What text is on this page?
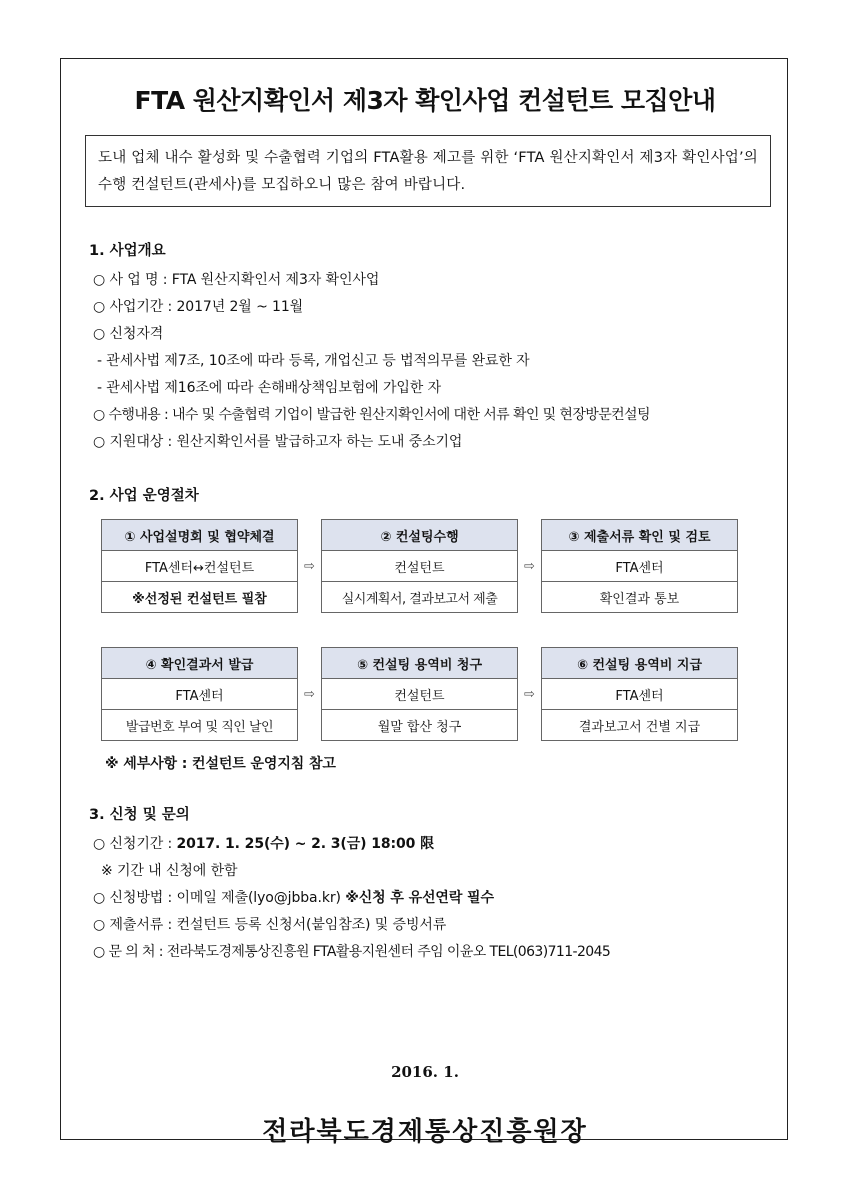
FTA 원산지확인서 제3자 확인사업 컨설턴트 모집안내
도내 업체 내수 활성화 및 수출협력 기업의 FTA활용 제고를 위한 ‘FTA 원산지확인서 제3자 확인사업’의 수행 컨설턴트(관세사)를 모집하오니 많은 참여 바랍니다.
1. 사업개요
○ 사 업 명 : FTA 원산지확인서 제3자 확인사업
○ 사업기간 : 2017년 2월 ~ 11월
○ 신청자격
- 관세사법 제7조, 10조에 따라 등록, 개업신고 등 법적의무를 완료한 자
- 관세사법 제16조에 따라 손해배상책임보험에 가입한 자
○ 수행내용 : 내수 및 수출협력 기업이 발급한 원산지확인서에 대한 서류 확인 및 현장방문컨설팅
○ 지원대상 : 원산지확인서를 발급하고자 하는 도내 중소기업
2. 사업 운영절차
① 사업설명회 및 협약체결		② 컨설팅수행		③ 제출서류 확인 및 검토
FTA센터↔컨설턴트	⇨	컨설턴트	⇨	FTA센터
※선정된 컨설턴트 필참		실시계획서, 결과보고서 제출		확인결과 통보
④ 확인결과서 발급		⑤ 컨설팅 용역비 청구		⑥ 컨설팅 용역비 지급
FTA센터	⇨	컨설턴트	⇨	FTA센터
발급번호 부여 및 직인 날인		월말 합산 청구		결과보고서 건별 지급
※ 세부사항 : 컨설턴트 운영지침 참고
3. 신청 및 문의
○ 신청기간 : 2017. 1. 25(수) ~ 2. 3(금) 18:00 限
※ 기간 내 신청에 한함
○ 신청방법 : 이메일 제출(lyo@jbba.kr) ※신청 후 유선연락 필수
○ 제출서류 : 컨설턴트 등록 신청서(붙임참조) 및 증빙서류
○ 문 의 처 : 전라북도경제통상진흥원 FTA활용지원센터 주임 이윤오 TEL(063)711-2045
2016. 1.
전라북도경제통상진흥원장
